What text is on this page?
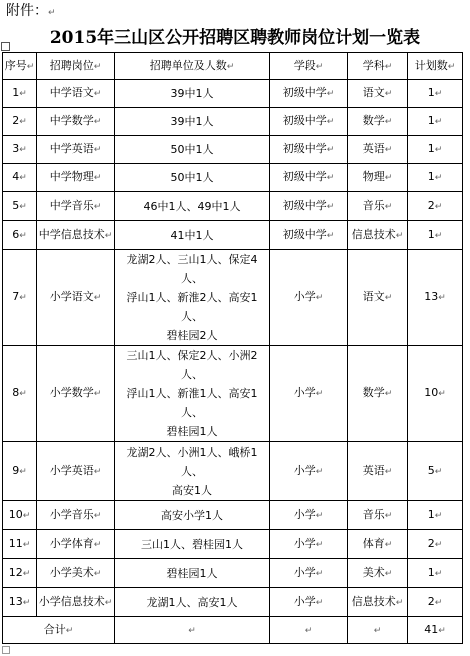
附件：↵
2015年三山区公开招聘区聘教师岗位计划一览表
序号↵	招聘岗位↵	招聘单位及人数↵	学段↵	学科↵	计划数↵
1↵	中学语文↵	39中1人	初级中学↵	语文↵	1↵
2↵	中学数学↵	39中1人	初级中学↵	数学↵	1↵
3↵	中学英语↵	50中1人	初级中学↵	英语↵	1↵
4↵	中学物理↵	50中1人	初级中学↵	物理↵	1↵
5↵	中学音乐↵	46中1人、49中1人	初级中学↵	音乐↵	2↵
6↵	中学信息技术↵	41中1人	初级中学↵	信息技术↵	1↵
7↵	小学语文↵	龙湖2人、三山1人、保定4人、
浮山1人、新淮2人、高安1人、
碧桂园2人	小学↵	语文↵	13↵
8↵	小学数学↵	三山1人、保定2人、小洲2人、
浮山1人、新淮1人、高安1人、
碧桂园1人	小学↵	数学↵	10↵
9↵	小学英语↵	龙湖2人、小洲1人、峨桥1人、
高安1人	小学↵	英语↵	5↵
10↵	小学音乐↵	高安小学1人	小学↵	音乐↵	1↵
11↵	小学体育↵	三山1人、碧桂园1人	小学↵	体育↵	2↵
12↵	小学美术↵	碧桂园1人	小学↵	美术↵	1↵
13↵	小学信息技术↵	龙湖1人、高安1人	小学↵	信息技术↵	2↵
合计↵		↵	↵	↵	41↵
